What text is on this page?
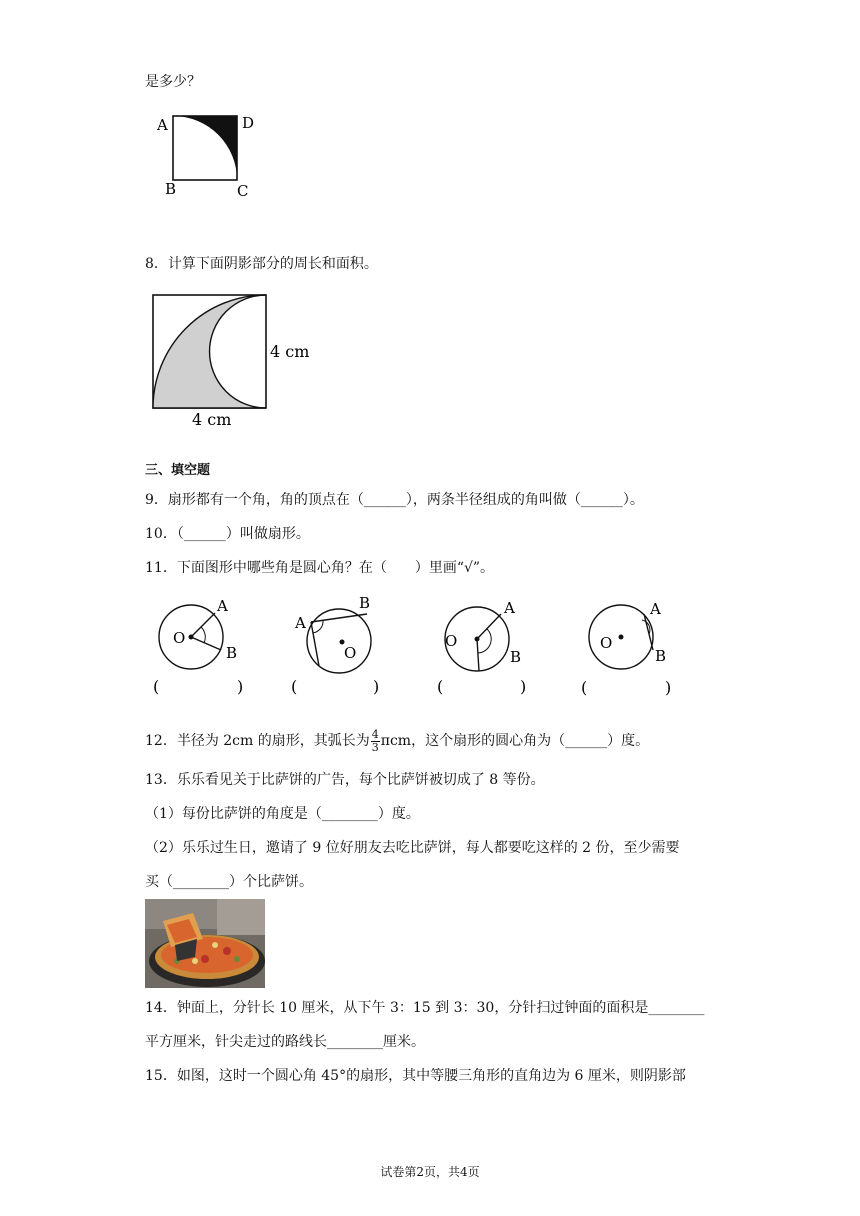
是多少？
A	D
B	C
8．计算下面阴影部分的周长和面积。
4 cm
4 cm
三、填空题
9．扇形都有一个角，角的顶点在（______），两条半径组成的角叫做（______）。
10．（______）叫做扇形。
11．下面图形中哪些角是圆心角？在（　　）里画“√”。
O
A
B
(	)
O
A
B
(	)
O
A
B
(	)
O
A
B
(	)
12．半径为 2cm 的扇形，其弧长为 $\frac{4}{3}$ πcm，这个扇形的圆心角为（______）度。
13．乐乐看见关于比萨饼的广告，每个比萨饼被切成了 8 等份。
（1）每份比萨饼的角度是（________）度。
（2）乐乐过生日，邀请了 9 位好朋友去吃比萨饼，每人都要吃这样的 2 份，至少需要
买（________）个比萨饼。
14．钟面上，分针长 10 厘米，从下午 3：15 到 3：30，分针扫过钟面的面积是________
平方厘米，针尖走过的路线长________厘米。
15．如图，这时一个圆心角 45°的扇形，其中等腰三角形的直角边为 6 厘米，则阴影部
试卷第2页，共4页
